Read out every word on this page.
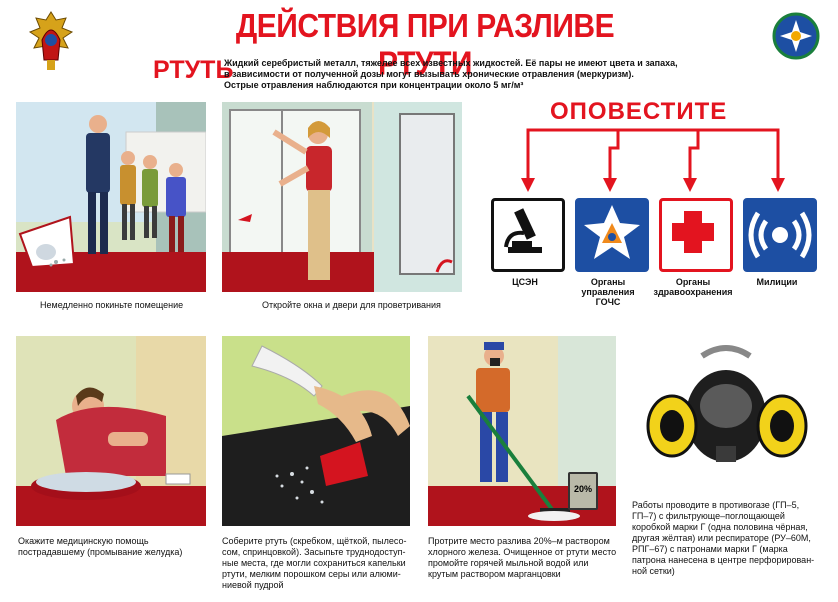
ДЕЙСТВИЯ ПРИ РАЗЛИВЕ РТУТИ
РТУТЬ
Жидкий серебристый металл, тяжелее всех известных жидкостей. Её пары не имеют цвета и запаха,
в зависимости от полученной дозы могут вызывать хронические отравления (меркуризм).
Острые отравления наблюдаются при концентрации около 5 мг/м³
Немедленно покиньте помещение	Откройте окна и двери для проветривания
ОПОВЕСТИТЕ
ЦСЭН	Органы
управления
ГОЧС
Органы
здравоохранения
Милиции
Окажите медицинскую помощь
пострадавшему (промывание желудка)
Соберите ртуть (скребком, щёткой, пылесо-
сом, спринцовкой). Засыпьте труднодоступ-
ные места, где могли сохраниться капельки
ртути, мелким порошком серы или алюми-
ниевой пудрой
20%
Протрите место разлива 20%–м раствором
хлорного железа. Очищенное от ртути место
промойте горячей мыльной водой или
крутым раствором марганцовки
Работы проводите в противогазе (ГП–5,
ГП–7) с фильтрующе–поглощающей
коробкой марки Г (одна половина чёрная,
другая жёлтая) или респираторе (РУ–60М,
РПГ–67) с патронами марки Г (марка
патрона нанесена в центре перфорирован-
ной сетки)
